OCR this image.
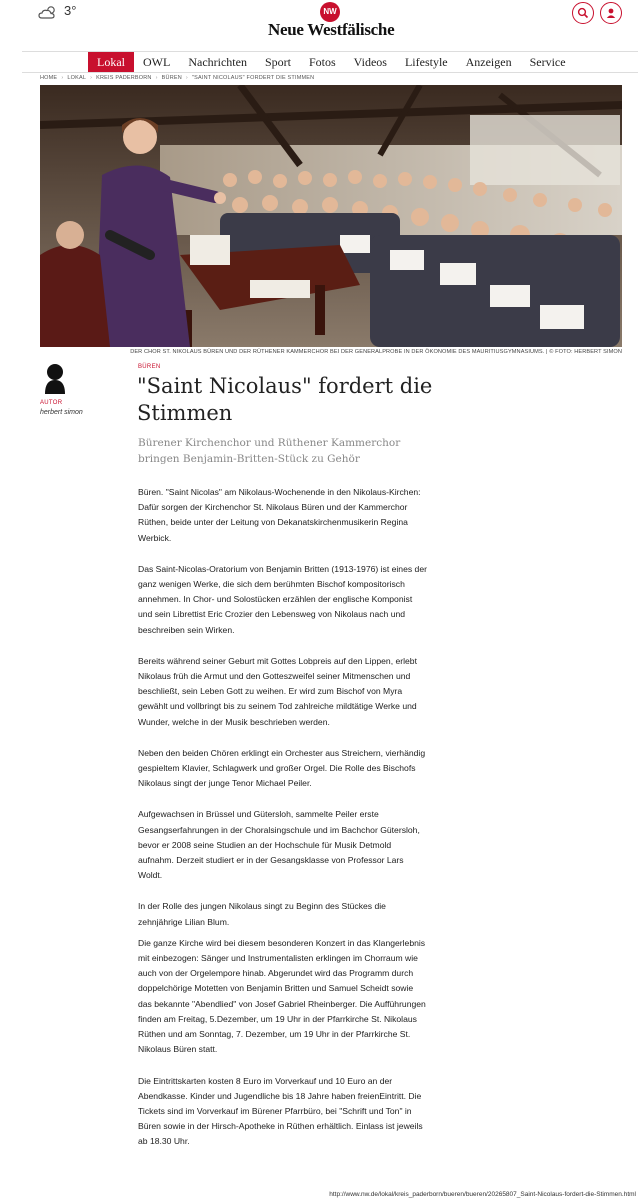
3°	NW
Neue Westfälische
Lokal	OWL	Nachrichten	Sport	Fotos	Videos	Lifestyle	Anzeigen	Service
HOME › LOKAL › KREIS PADERBORN › BÜREN › "SAINT NICOLAUS" FORDERT DIE STIMMEN
DER CHOR ST. NIKOLAUS BÜREN UND DER RÜTHENER KAMMERCHOR BEI DER GENERALPROBE IN DER ÖKONOMIE DES MAURITIUSGYMNASIUMS. | © FOTO: HERBERT SIMON
AUTOR
herbert simon
BÜREN
"Saint Nicolaus" fordert die Stimmen
Bürener Kirchenchor und Rüthener Kammerchor bringen Benjamin-Britten-Stück zu Gehör

Büren. "Saint Nicolas" am Nikolaus-Wochenende in den Nikolaus-Kirchen: Dafür sorgen der Kirchenchor St. Nikolaus Büren und der Kammerchor Rüthen, beide unter der Leitung von Dekanatskirchenmusikerin Regina Werbick.

Das Saint-Nicolas-Oratorium von Benjamin Britten (1913-1976) ist eines der ganz wenigen Werke, die sich dem berühmten Bischof kompositorisch annehmen. In Chor- und Solostücken erzählen der englische Komponist und sein Librettist Eric Crozier den Lebensweg von Nikolaus nach und beschreiben sein Wirken.

Bereits während seiner Geburt mit Gottes Lobpreis auf den Lippen, erlebt Nikolaus früh die Armut und den Gotteszweifel seiner Mitmenschen und beschließt, sein Leben Gott zu weihen. Er wird zum Bischof von Myra gewählt und vollbringt bis zu seinem Tod zahlreiche mildtätige Werke und Wunder, welche in der Musik beschrieben werden.

Neben den beiden Chören erklingt ein Orchester aus Streichern, vierhändig gespieltem Klavier, Schlagwerk und großer Orgel. Die Rolle des Bischofs Nikolaus singt der junge Tenor Michael Peiler.

Aufgewachsen in Brüssel und Gütersloh, sammelte Peiler erste Gesangserfahrungen in der Choralsingschule und im Bachchor Gütersloh, bevor er 2008 seine Studien an der Hochschule für Musik Detmold aufnahm. Derzeit studiert er in der Gesangsklasse von Professor Lars Woldt.

In der Rolle des jungen Nikolaus singt zu Beginn des Stückes die zehnjährige Lilian Blum.

Die ganze Kirche wird bei diesem besonderen Konzert in das Klangerlebnis mit einbezogen: Sänger und Instrumentalisten erklingen im Chorraum wie auch von der Orgelempore hinab. Abgerundet wird das Programm durch doppelchörige Motetten von Benjamin Britten und Samuel Scheidt sowie das bekannte "Abendlied" von Josef Gabriel Rheinberger. Die Aufführungen finden am Freitag, 5.Dezember, um 19 Uhr in der Pfarrkirche St. Nikolaus Rüthen und am Sonntag, 7. Dezember, um 19 Uhr in der Pfarrkirche St. Nikolaus Büren statt.

Die Eintrittskarten kosten 8 Euro im Vorverkauf und 10 Euro an der Abendkasse. Kinder und Jugendliche bis 18 Jahre haben freienEintritt. Die Tickets sind im Vorverkauf im Bürener Pfarrbüro, bei "Schrift und Ton" in Büren sowie in der Hirsch-Apotheke in Rüthen erhältlich. Einlass ist jeweils ab 18.30 Uhr.

http://www.nw.de/lokal/kreis_paderborn/bueren/bueren/20265807_Saint-Nicolaus-fordert-die-Stimmen.html
